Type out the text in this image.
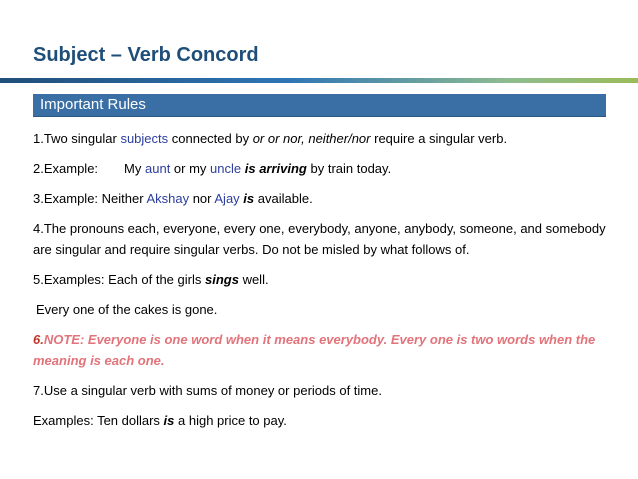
Subject – Verb Concord
Important Rules

1.Two singular subjects connected by or or nor, neither/nor require a singular verb.

2.Example: My aunt or my uncle is arriving by train today.

3.Example: Neither Akshay nor Ajay is available.

4.The pronouns each, everyone, every one, everybody, anyone, anybody, someone, and somebody are singular and require singular verbs. Do not be misled by what follows of.

5.Examples: Each of the girls sings well.

Every one of the cakes is gone.

6.NOTE: Everyone is one word when it means everybody. Every one is two words when the meaning is each one.

7.Use a singular verb with sums of money or periods of time.

Examples: Ten dollars is a high price to pay.
